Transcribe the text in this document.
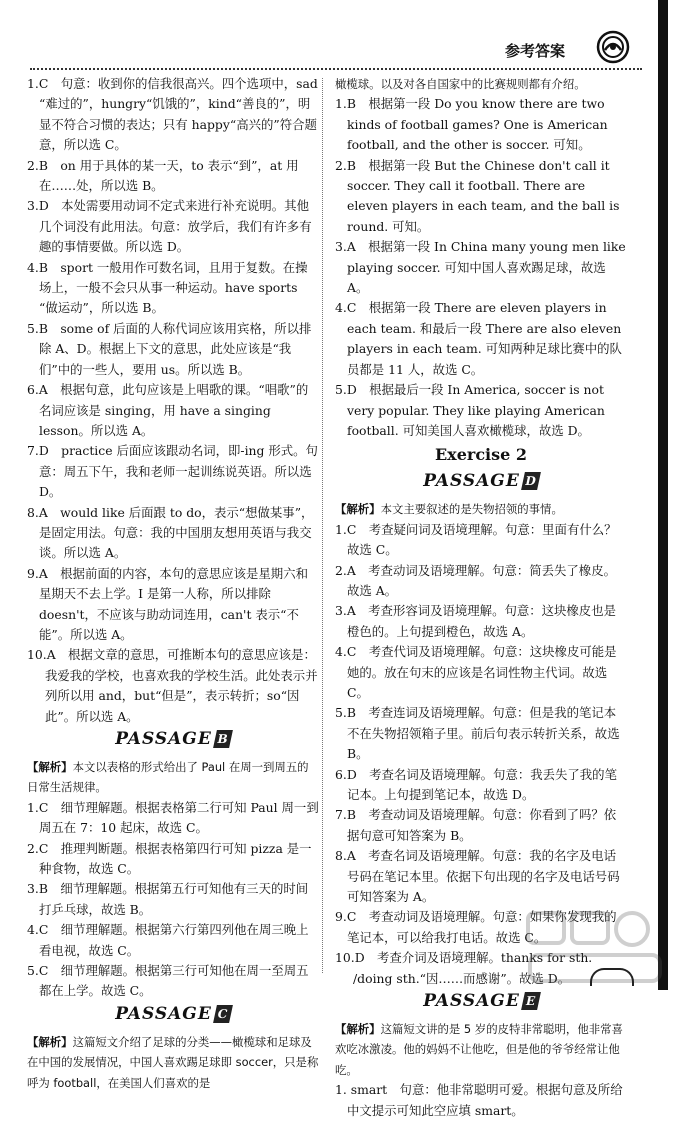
参考答案

1.C　句意：收到你的信我很高兴。四个选项中，sad “难过的”，hungry“饥饿的”，kind“善良的”，明显不符合习惯的表达；只有 happy“高兴的”符合题意，所以选 C。

2.B　on 用于具体的某一天，to 表示“到”，at 用在……处，所以选 B。

3.D　本处需要用动词不定式来进行补充说明。其他几个词没有此用法。句意：放学后，我们有许多有趣的事情要做。所以选 D。

4.B　sport 一般用作可数名词，且用于复数。在操场上，一般不会只从事一种运动。have sports “做运动”，所以选 B。

5.B　some of 后面的人称代词应该用宾格，所以排除 A、D。根据上下文的意思，此处应该是“我们”中的一些人，要用 us。所以选 B。

6.A　根据句意，此句应该是上唱歌的课。“唱歌”的名词应该是 singing，用 have a singing lesson。所以选 A。

7.D　practice 后面应该跟动名词，即-ing 形式。句意：周五下午，我和老师一起训练说英语。所以选 D。

8.A　would like 后面跟 to do，表示“想做某事”，是固定用法。句意：我的中国朋友想用英语与我交谈。所以选 A。

9.A　根据前面的内容，本句的意思应该是星期六和星期天不去上学。I 是第一人称，所以排除 doesn't，不应该与助动词连用，can't 表示“不能”。所以选 A。

10.A　根据文章的意思，可推断本句的意思应该是：我爱我的学校，也喜欢我的学校生活。此处表示并列所以用 and，but“但是”，表示转折；so“因此”。所以选 A。

PASSAGE B

【解析】本文以表格的形式给出了 Paul 在周一到周五的日常生活规律。

1.C　细节理解题。根据表格第二行可知 Paul 周一到周五在 7：10 起床，故选 C。

2.C　推理判断题。根据表格第四行可知 pizza 是一种食物，故选 C。

3.B　细节理解题。根据第五行可知他有三天的时间打乒乓球，故选 B。

4.C　细节理解题。根据第六行第四列他在周三晚上看电视，故选 C。

5.C　细节理解题。根据第三行可知他在周一至周五都在上学。故选 C。

PASSAGE C

【解析】这篇短文介绍了足球的分类——橄榄球和足球及在中国的发展情况，中国人喜欢踢足球即 soccer，只是称呼为 football，在美国人们喜欢的是

橄榄球。以及对各自国家中的比赛规则都有介绍。

1.B　根据第一段 Do you know there are two kinds of football games? One is American football, and the other is soccer. 可知。

2.B　根据第一段 But the Chinese don't call it soccer. They call it football. There are eleven players in each team, and the ball is round. 可知。

3.A　根据第一段 In China many young men like playing soccer. 可知中国人喜欢踢足球，故选 A。

4.C　根据第一段 There are eleven players in each team. 和最后一段 There are also eleven players in each team. 可知两种足球比赛中的队员都是 11 人，故选 C。

5.D　根据最后一段 In America, soccer is not very popular. They like playing American football. 可知美国人喜欢橄榄球，故选 D。

Exercise 2
PASSAGE D

【解析】本文主要叙述的是失物招领的事情。

1.C　考查疑问词及语境理解。句意：里面有什么？故选 C。

2.A　考查动词及语境理解。句意：简丢失了橡皮。故选 A。

3.A　考查形容词及语境理解。句意：这块橡皮也是橙色的。上句提到橙色，故选 A。

4.C　考查代词及语境理解。句意：这块橡皮可能是她的。放在句末的应该是名词性物主代词。故选 C。

5.B　考查连词及语境理解。句意：但是我的笔记本不在失物招领箱子里。前后句表示转折关系，故选 B。

6.D　考查名词及语境理解。句意：我丢失了我的笔记本。上句提到笔记本，故选 D。

7.B　考查动词及语境理解。句意：你看到了吗？依据句意可知答案为 B。

8.A　考查名词及语境理解。句意：我的名字及电话号码在笔记本里。依据下句出现的名字及电话号码可知答案为 A。

9.C　考查动词及语境理解。句意：如果你发现我的笔记本，可以给我打电话。故选 C。

10.D　考查介词及语境理解。thanks for sth. /doing sth.“因……而感谢”。故选 D。

PASSAGE E

【解析】这篇短文讲的是 5 岁的皮特非常聪明，他非常喜欢吃冰激凌。他的妈妈不让他吃，但是他的爷爷经常让他吃。

1. smart　句意：他非常聪明可爱。根据句意及所给中文提示可知此空应填 smart。
